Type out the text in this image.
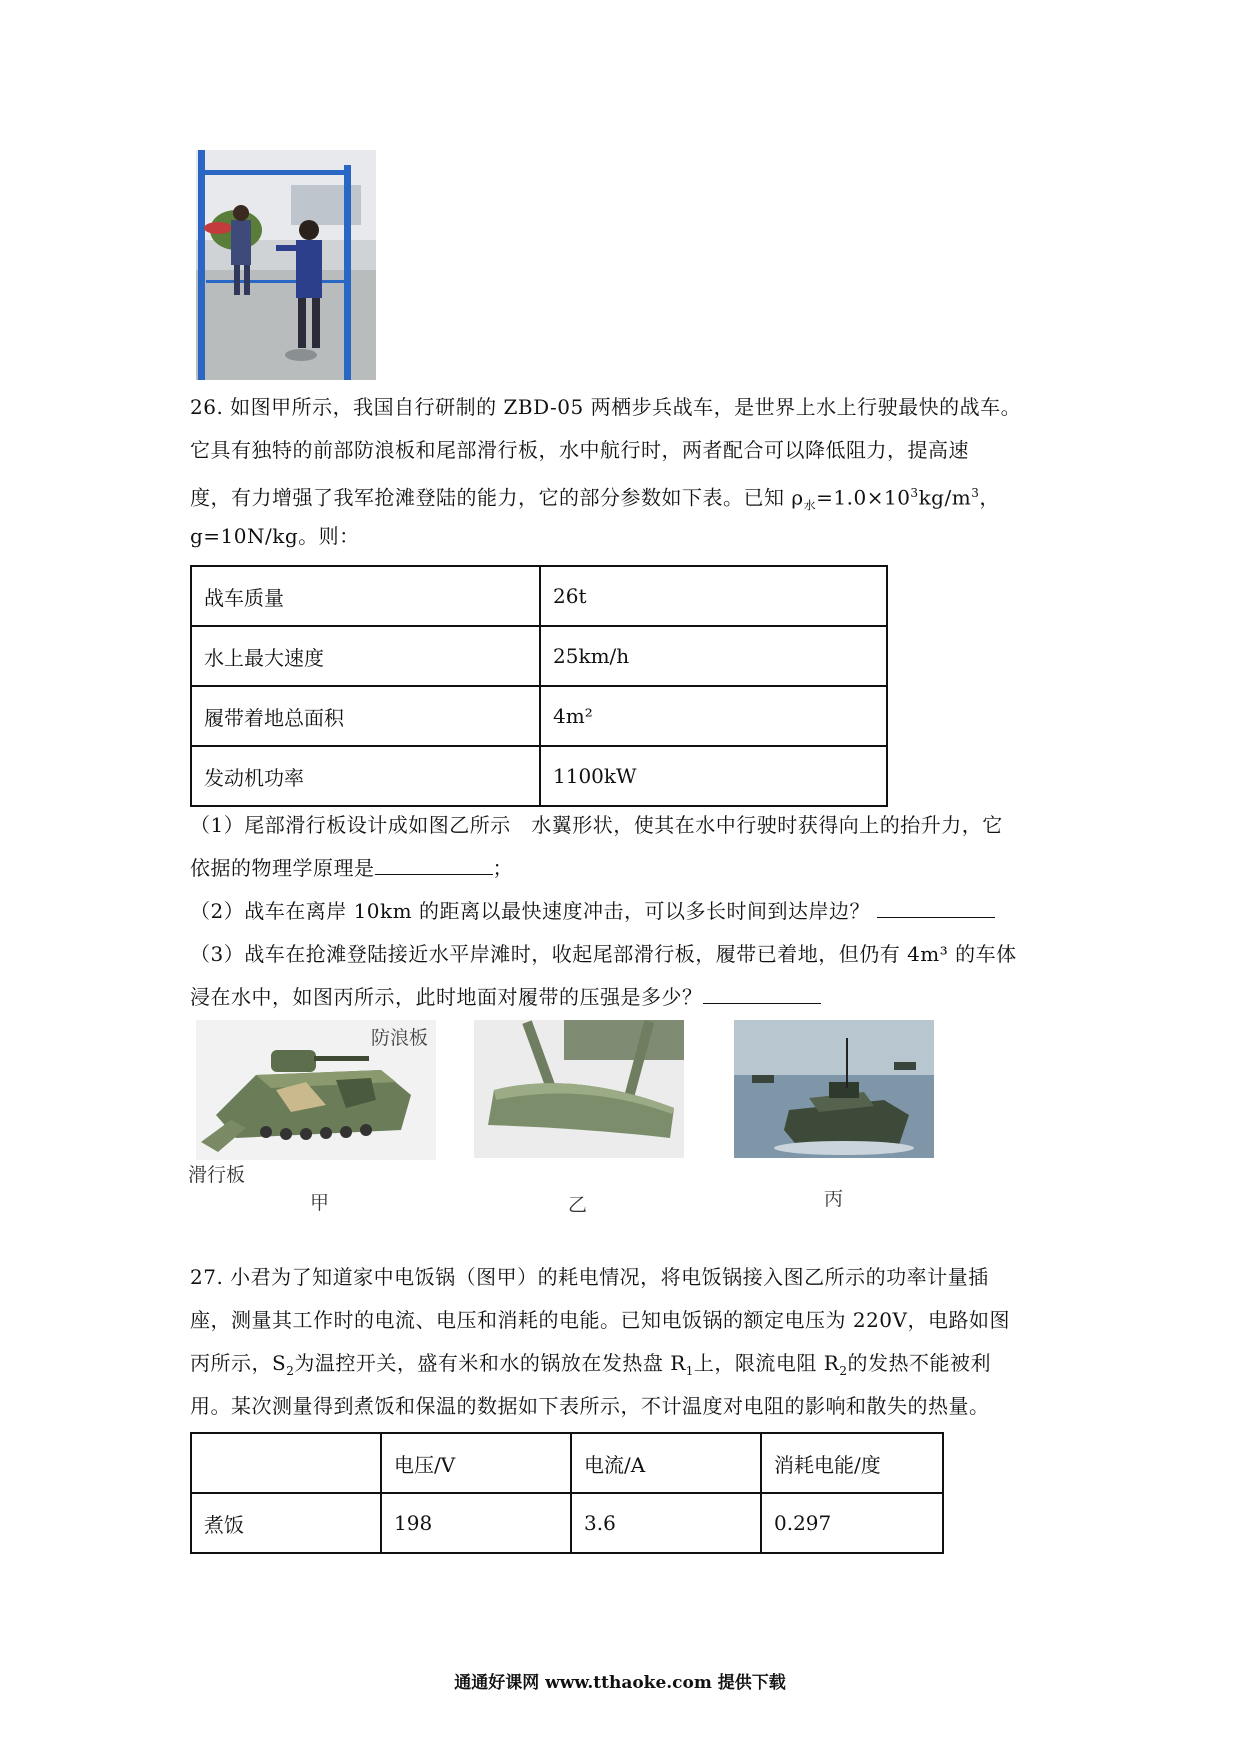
26. 如图甲所示，我国自行研制的 ZBD-05 两栖步兵战车，是世界上水上行驶最快的战车。
它具有独特的前部防浪板和尾部滑行板，水中航行时，两者配合可以降低阻力，提高速
度，有力增强了我军抢滩登陆的能力，它的部分参数如下表。已知 $\rho_水=1.0\times 10^3kg/m^3$，
g=10N/kg。则：
战车质量	26t
水上最大速度	25km/h
履带着地总面积	4m²
发动机功率	1100kW
（1）尾部滑行板设计成如图乙所示　水翼形状，使其在水中行驶时获得向上的抬升力，它
依据的物理学原理是	；
（2）战车在离岸 10km 的距离以最快速度冲击，可以多长时间到达岸边？
（3）战车在抢滩登陆接近水平岸滩时，收起尾部滑行板，履带已着地，但仍有 4m³ 的车体
浸在水中，如图丙所示，此时地面对履带的压强是多少？
防浪板
滑行板
甲	乙	丙
27. 小君为了知道家中电饭锅（图甲）的耗电情况，将电饭锅接入图乙所示的功率计量插
座，测量其工作时的电流、电压和消耗的电能。已知电饭锅的额定电压为 220V，电路如图
丙所示，$S_2$为温控开关，盛有米和水的锅放在发热盘 $R_1$上，限流电阻 $R_2$的发热不能被利
用。某次测量得到煮饭和保温的数据如下表所示，不计温度对电阻的影响和散失的热量。
	电压/V	电流/A	消耗电能/度
煮饭	198	3.6	0.297
通通好课网 www.tthaoke.com 提供下载
